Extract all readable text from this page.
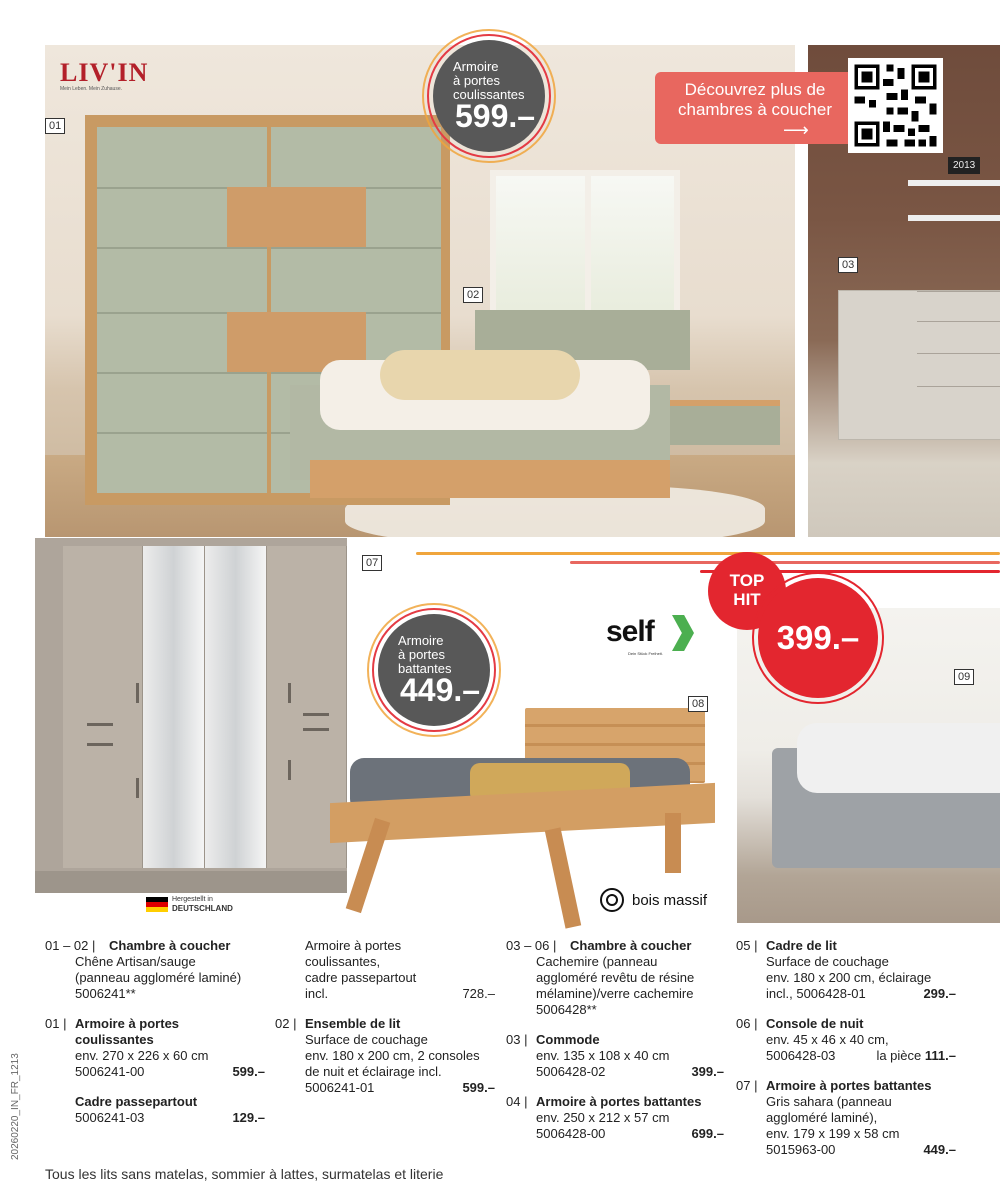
LIV'IN
Mein Leben. Mein Zuhause.
01
02
Armoire
à portes
coulissantes
599.–
2013
03
Découvrez plus de chambres à coucher
⟶
07
Hergestellt in
DEUTSCHLAND
Armoire
à portes
battantes
449.–	08
self
Dein Stück Freiheit.
bois massif
09
TOP HIT
399.–
01 – 02 |	Chambre à coucher
Chêne Artisan/sauge
(panneau aggloméré laminé)
5006241**
01 | Armoire à portes coulissantes
env. 270 x 226 x 60 cm
5006241-00	599.–
Cadre passepartout
5006241-03	129.–
Armoire à portes
coulissantes,
cadre passepartout
incl.	728.–
02 | Ensemble de lit
Surface de couchage
env. 180 x 200 cm, 2 consoles
de nuit et éclairage incl.
5006241-01	599.–
03 – 06 |	Chambre à coucher
Cachemire (panneau
aggloméré revêtu de résine
mélamine)/verre cachemire
5006428**
03 | Commode
env. 135 x 108 x 40 cm
5006428-02	399.–
04 | Armoire à portes battantes
env. 250 x 212 x 57 cm
5006428-00	699.–
05 | Cadre de lit
Surface de couchage
env. 180 x 200 cm, éclairage
incl., 5006428-01	299.–
06 | Console de nuit
env. 45 x 46 x 40 cm,
5006428-03	la pièce 111.–
07 | Armoire à portes battantes
Gris sahara (panneau
aggloméré laminé),
env. 179 x 199 x 58 cm
5015963-00	449.–
Tous les lits sans matelas, sommier à lattes, surmatelas et literie
20260220_IN_FR_1213
